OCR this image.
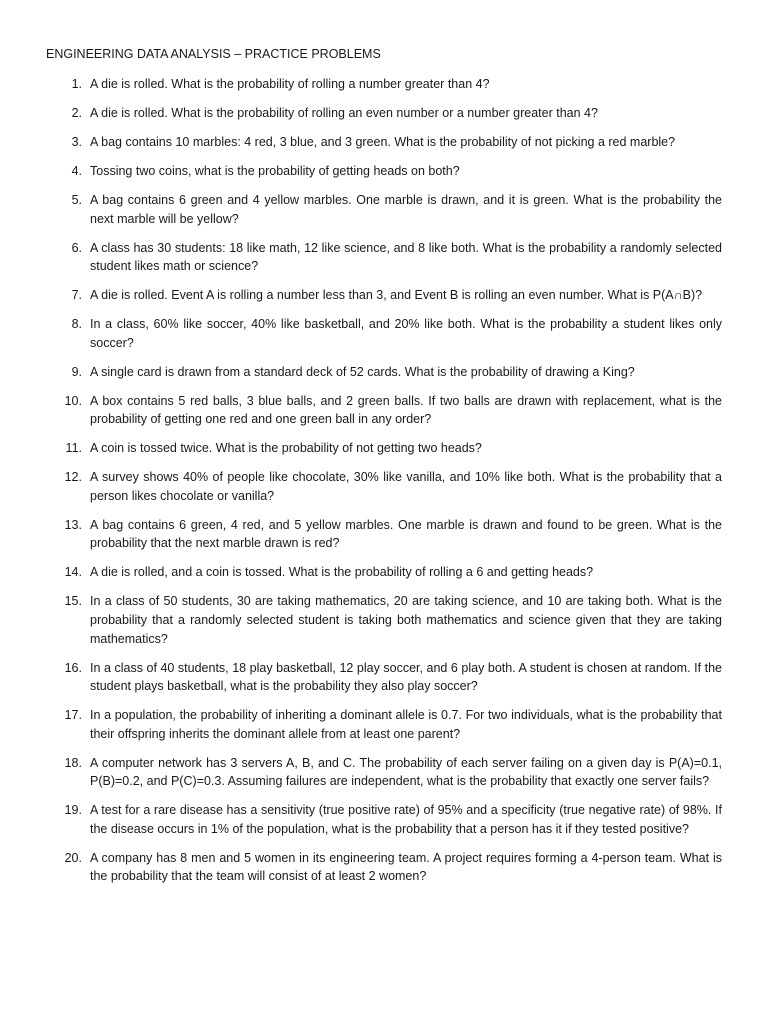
ENGINEERING DATA ANALYSIS – PRACTICE PROBLEMS
1. A die is rolled. What is the probability of rolling a number greater than 4?
2. A die is rolled. What is the probability of rolling an even number or a number greater than 4?
3. A bag contains 10 marbles: 4 red, 3 blue, and 3 green. What is the probability of not picking a red marble?
4. Tossing two coins, what is the probability of getting heads on both?
5. A bag contains 6 green and 4 yellow marbles. One marble is drawn, and it is green. What is the probability the next marble will be yellow?
6. A class has 30 students: 18 like math, 12 like science, and 8 like both. What is the probability a randomly selected student likes math or science?
7. A die is rolled. Event A is rolling a number less than 3, and Event B is rolling an even number. What is P(A∩B)?
8. In a class, 60% like soccer, 40% like basketball, and 20% like both. What is the probability a student likes only soccer?
9. A single card is drawn from a standard deck of 52 cards. What is the probability of drawing a King?
10. A box contains 5 red balls, 3 blue balls, and 2 green balls. If two balls are drawn with replacement, what is the probability of getting one red and one green ball in any order?
11. A coin is tossed twice. What is the probability of not getting two heads?
12. A survey shows 40% of people like chocolate, 30% like vanilla, and 10% like both. What is the probability that a person likes chocolate or vanilla?
13. A bag contains 6 green, 4 red, and 5 yellow marbles. One marble is drawn and found to be green. What is the probability that the next marble drawn is red?
14. A die is rolled, and a coin is tossed. What is the probability of rolling a 6 and getting heads?
15. In a class of 50 students, 30 are taking mathematics, 20 are taking science, and 10 are taking both. What is the probability that a randomly selected student is taking both mathematics and science given that they are taking mathematics?
16. In a class of 40 students, 18 play basketball, 12 play soccer, and 6 play both. A student is chosen at random. If the student plays basketball, what is the probability they also play soccer?
17. In a population, the probability of inheriting a dominant allele is 0.7. For two individuals, what is the probability that their offspring inherits the dominant allele from at least one parent?
18. A computer network has 3 servers A, B, and C. The probability of each server failing on a given day is P(A)=0.1, P(B)=0.2, and P(C)=0.3. Assuming failures are independent, what is the probability that exactly one server fails?
19. A test for a rare disease has a sensitivity (true positive rate) of 95% and a specificity (true negative rate) of 98%. If the disease occurs in 1% of the population, what is the probability that a person has it if they tested positive?
20. A company has 8 men and 5 women in its engineering team. A project requires forming a 4-person team. What is the probability that the team will consist of at least 2 women?
